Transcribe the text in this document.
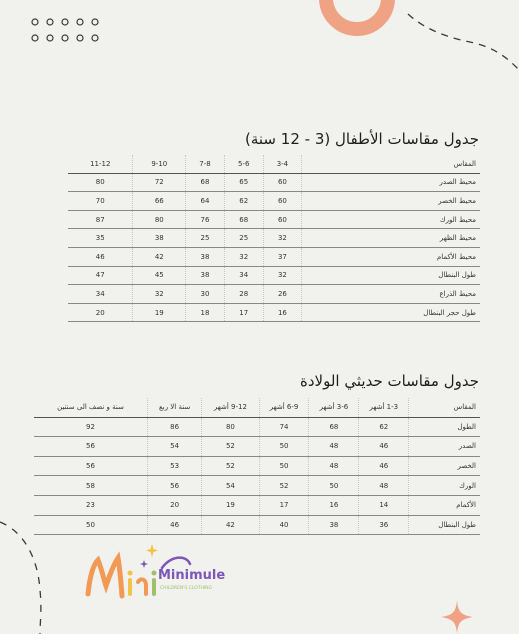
جدول مقاسات الأطفال (3 - 12 سنة)
المقاس	3-4	5-6	7-8	9-10	11-12
محيط الصدر	60	65	68	72	80
محيط الخصر	60	62	64	66	70
محيط الورك	60	68	76	80	87
محيط الظهر	32	25	25	38	35
محيط الأكمام	37	32	38	42	46
طول البنطال	32	34	38	45	47
محيط الذراع	26	28	30	32	34
طول حجر البنطال	16	17	18	19	20
جدول مقاسات حديثي الولادة
المقاس	1-3 أشهر	3-6 أشهر	6-9 أشهر	9-12 أشهر	سنة الا ربع	سنة و نصف الى سنتين
الطول	62	68	74	80	86	92
الصدر	46	48	50	52	54	56
الخصر	46	48	50	52	53	56
الورك	48	50	52	54	56	58
الأكمام	14	16	17	19	20	23
طول البنطال	36	38	40	42	46	50
Minimule
CHILDREN'S CLOTHING
